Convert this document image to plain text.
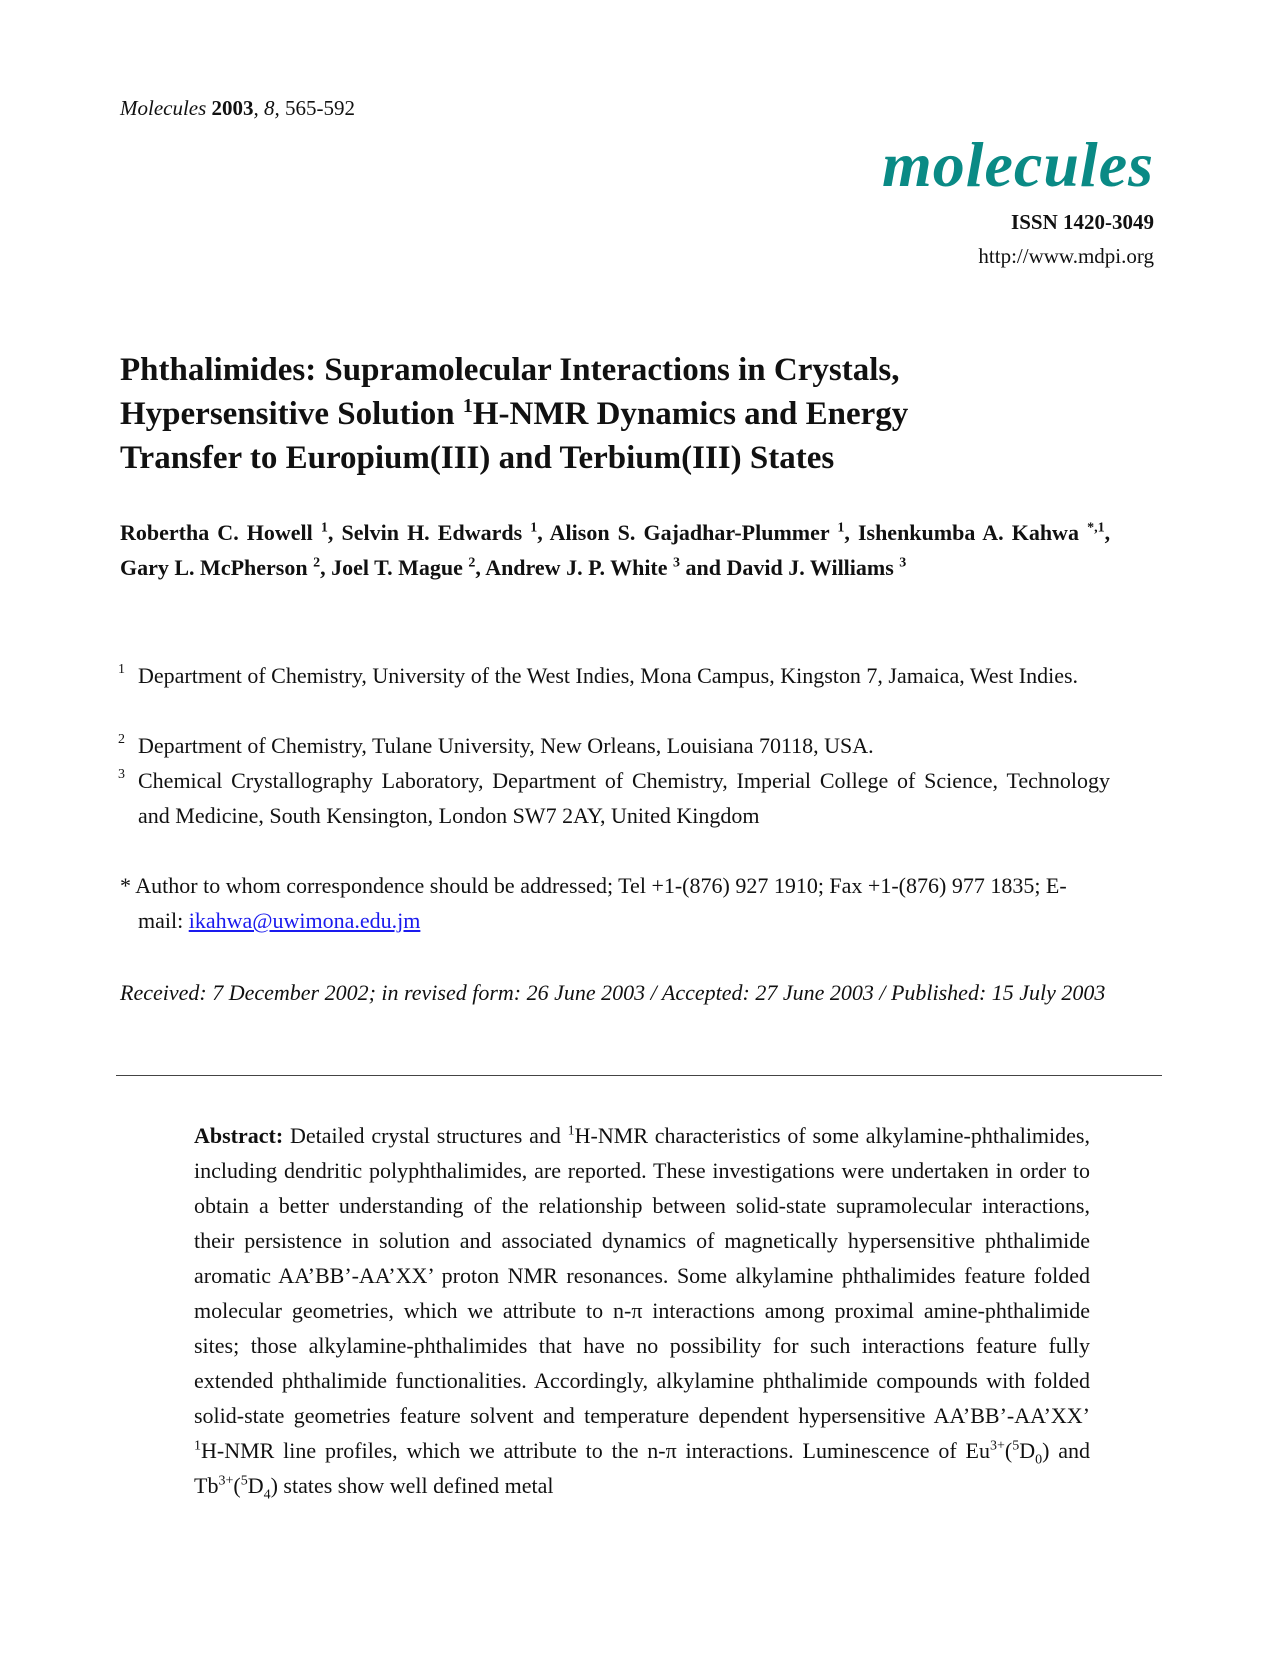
Molecules 2003, 8, 565-592
molecules
ISSN 1420-3049
http://www.mdpi.org
Phthalimides: Supramolecular Interactions in Crystals,
Hypersensitive Solution $^1$H-NMR Dynamics and Energy
Transfer to Europium(III) and Terbium(III) States
Robertha C. Howell $^1$, Selvin H. Edwards $^1$, Alison S. Gajadhar-Plummer $^1$, Ishenkumba A. Kahwa $^{*,1}$, Gary L. McPherson $^2$, Joel T. Mague $^2$, Andrew J. P. White $^3$ and David J. Williams $^3$
1 Department of Chemistry, University of the West Indies, Mona Campus, Kingston 7, Jamaica, West Indies.
2 Department of Chemistry, Tulane University, New Orleans, Louisiana 70118, USA.
3 Chemical Crystallography Laboratory, Department of Chemistry, Imperial College of Science, Technology and Medicine, South Kensington, London SW7 2AY, United Kingdom
* Author to whom correspondence should be addressed; Tel +1-(876) 927 1910; Fax +1-(876) 977 1835; E-mail: ikahwa@uwimona.edu.jm
Received: 7 December 2002; in revised form: 26 June 2003 / Accepted: 27 June 2003 / Published: 15 July 2003
Abstract: Detailed crystal structures and $^1$H-NMR characteristics of some alkylamine-phthalimides, including dendritic polyphthalimides, are reported. These investigations were undertaken in order to obtain a better understanding of the relationship between solid-state supramolecular interactions, their persistence in solution and associated dynamics of magnetically hypersensitive phthalimide aromatic AA’BB’-AA’XX’ proton NMR resonances. Some alkylamine phthalimides feature folded molecular geometries, which we attribute to n-π interactions among proximal amine-phthalimide sites; those alkylamine-phthalimides that have no possibility for such interactions feature fully extended phthalimide functionalities. Accordingly, alkylamine phthalimide compounds with folded solid-state geometries feature solvent and temperature dependent hypersensitive AA’BB’-AA’XX’ $^1$H-NMR line profiles, which we attribute to the n-π interactions. Luminescence of $Eu^{3+}(^5D_0)$ and $Tb^{3+}(^5D_4)$ states show well defined metal
